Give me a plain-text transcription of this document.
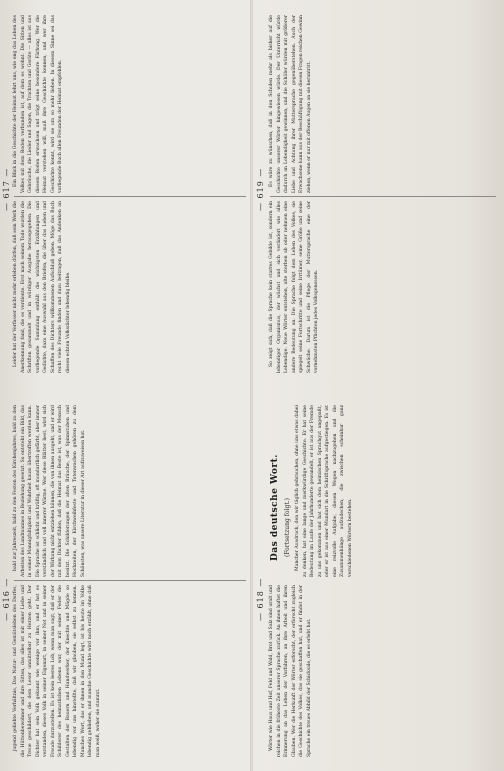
— 616 —
— 617 —

jugend geliebte Verhältnis, Das Natur- und Gemütsleben des Dorfes, die Hüttenbewohner und ihre Sitten, das alles ist mit einer Liebe und Treue geschildert, die dem Leser unmittelbar zu Herzen geht. Der Dichter hat sein Volk gekannt wie wenige vor ihm, und er hat es verstanden, dieses Volk in seiner Eigenart, in seiner Not und in seiner Freude darzustellen. Es ist kein leeres Lob, wenn man sagt, daß er der Schilderer des heimatlichen Lebens war, der mit seiner Feder die Gestalten der Bauern und Handwerker, der Knechte und Mägde so lebendig vor uns hinstellte, daß wir glauben, sie selbst zu kennen. Manches Wort, das er ihnen in den Mund legt, ist bis heute im Volke lebendig geblieben, und manche Geschichte wird noch erzählt, ohne daß man weiß, woher sie stammt.

bald zur Jahreszeit, bald zu den Festen des Kirchenjahres, bald zu den Arbeiten des Landmannes in Beziehung gesetzt. So entsteht ein Bild, das in seiner Mannigfaltigkeit und Wahrheit kaum übertroffen werden kann. Die Sprache ist schlicht und kräftig, oft mundartlich gefärbt, aber immer verständlich und voll innerer Wärme. Wer diese Blätter liest, wird sich der Wirkung nicht entziehen können, die von ihnen ausgeht, und er wird mit dem Dichter fühlen, daß die Heimat das Beste ist, was der Mensch besitzt. Die Schilderungen der alten Bräuche, der Spinnstuben und Hochzeiten, der Kirchweihfeste und Totenwachen gehören zu dem Schönsten, was unsere Literatur in dieser Art aufzuweisen hat.

Leider hat der Verfasser nicht mehr erleben dürfen, daß sein Werk die Anerkennung fand, die es verdiente. Erst nach seinem Tode wurden die Schriften gesammelt und in würdiger Ausgabe herausgegeben. Die vorliegende Sammlung enthält die wichtigsten Erzählungen und Gedichte, dazu eine Auswahl aus den Briefen, die über das Leben und Schaffen des Dichters willkommenen Aufschluß geben. Möge das Buch recht viele Freunde finden und dazu beitragen, daß das Andenken an diesen echten Volksdichter lebendig bleibe.

Ein Blick in die Geschichte der Heimat lehrt uns, wie eng das Leben des Volkes mit dem Boden verbunden ist, auf dem es wohnt. Die Sitten und Gebräuche, die Lieder und Sagen, die Trachten und Geräte — alles ist aus diesem Boden erwachsen und trägt seine besondere Färbung. Wer die Heimat verstehen will, muß ihre Geschichte kennen, und wer ihre Geschichte kennt, wird sie um so mehr lieben. In diesem Sinne sei das vorliegende Buch allen Freunden der Heimat empfohlen.

— 618 —
— 619 —

Wörter wie Haus und Hof, Feld und Wald, Brot und Salz sind uralt und reichen in die früheste Zeit unserer Sprache zurück. An ihnen haftet die Erinnerung an das Leben der Vorfahren, an ihre Arbeit und ihren Glauben. Wer die Herkunft der Wörter erforscht, der erforscht zugleich die Geschichte des Volkes, das sie geschaffen hat, und er findet in der Sprache ein treues Abbild der Schicksale, die es erlebt hat.

Das deutsche Wort. (Fortsetzung folgt.) Mancher Ausdruck, den wir täglich gebrauchen, ohne uns etwas dabei zu denken, hat eine lange und merkwürdige Geschichte. Er hat seine Bedeutung im Laufe der Jahrhunderte gewandelt, er ist aus der Fremde zu uns gekommen und hat sich dem heimischen Sprachgut angepaßt, oder er ist aus einer Mundart in die Schriftsprache aufgestiegen. Es ist eine reizvolle Aufgabe, diesen Wegen nachzugehen und die Zusammenhänge aufzudecken, die zwischen scheinbar ganz verschiedenen Wörtern bestehen.

So zeigt sich, daß die Sprache kein starres Gebilde ist, sondern ein lebendiger Organismus, der wächst und sich verändert wie alles Lebendige. Neue Wörter entstehen, alte sterben ab oder nehmen eine andere Bedeutung an. Die Sprache folgt dem Leben des Volkes, sie spiegelt seine Fortschritte und seine Irrtümer, seine Größe und seine Schwäche. Darum ist die Pflege der Muttersprache eine der vornehmsten Pflichten jedes Volksgenossen.

Es wäre zu wünschen, daß in den Schulen mehr als bisher auf die Geschichte unserer Wörter hingewiesen würde. Der Unterricht würde dadurch an Lebendigkeit gewinnen, und die Schüler würden mit größerer Liebe und Achtung ihrer Muttersprache gegenüberstehen. Auch der Erwachsene kann aus der Beschäftigung mit diesen Fragen reichen Gewinn ziehen, wenn er nur mit offenen Augen an sie herantritt.
